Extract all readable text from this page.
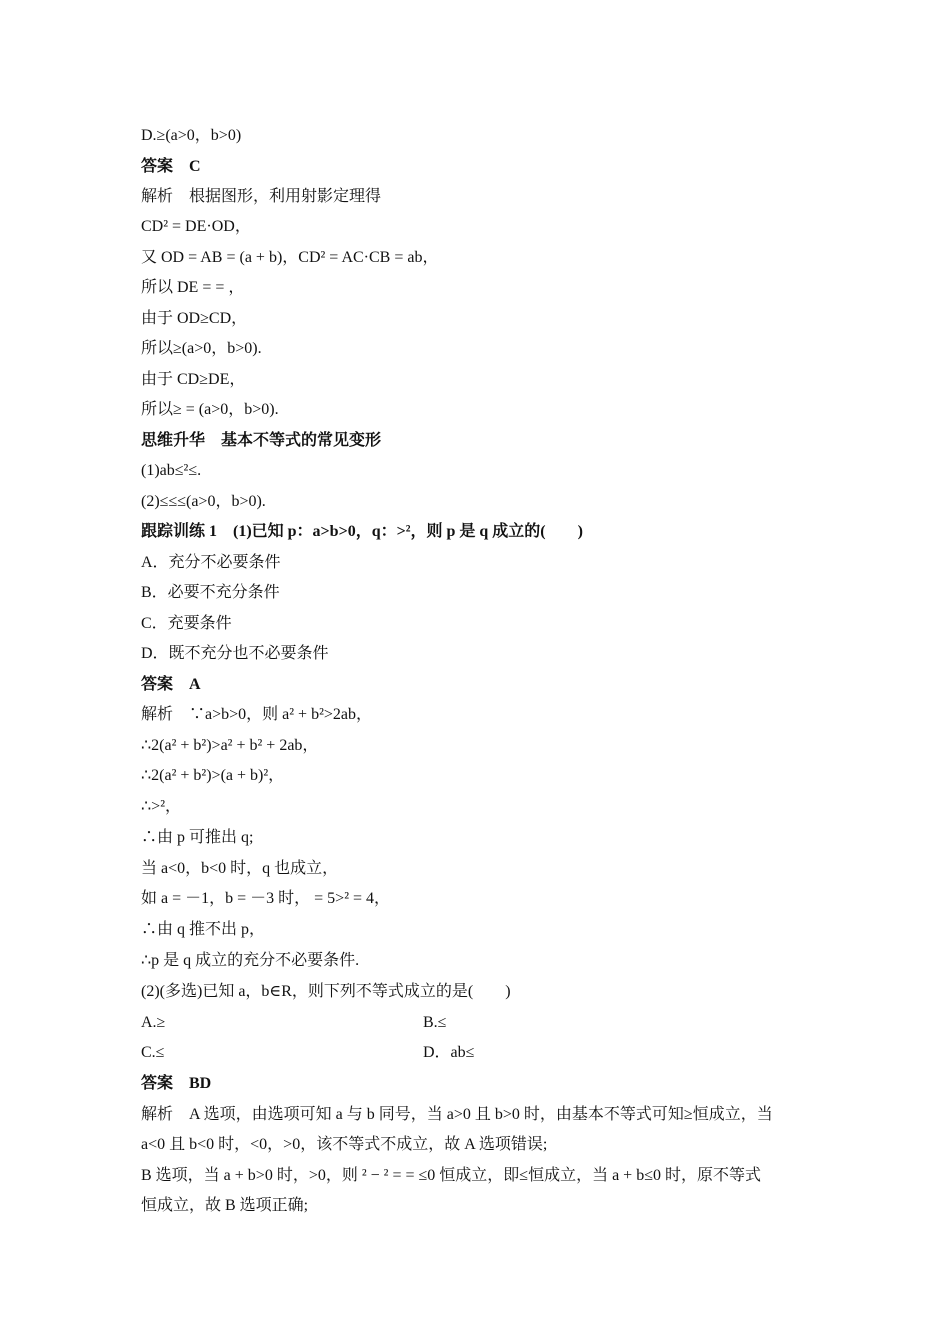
D.≥(a>0，b>0)
答案　C
解析　根据图形，利用射影定理得
CD² = DE·OD，
又 OD = AB = (a + b)，CD² = AC·CB = ab，
所以 DE = = ，
由于 OD≥CD，
所以≥(a>0，b>0).
由于 CD≥DE，
所以≥ = (a>0，b>0).
思维升华　基本不等式的常见变形
(1)ab≤²≤.
(2)≤≤≤(a>0，b>0).
跟踪训练 1　(1)已知 p：a>b>0，q：>²，则 p 是 q 成立的(　　)
A．充分不必要条件
B．必要不充分条件
C．充要条件
D．既不充分也不必要条件
答案　A
解析　∵a>b>0，则 a² + b²>2ab，
∴2(a² + b²)>a² + b² + 2ab，
∴2(a² + b²)>(a + b)²，
∴>²，
∴由 p 可推出 q;
当 a<0，b<0 时，q 也成立，
如 a = －1，b = －3 时， = 5>² = 4，
∴由 q 推不出 p，
∴p 是 q 成立的充分不必要条件.
(2)(多选)已知 a，b∈R，则下列不等式成立的是(　　)
A.≥	B.≤
C.≤	D．ab≤
答案　BD
解析　A 选项，由选项可知 a 与 b 同号，当 a>0 且 b>0 时，由基本不等式可知≥恒成立，当
a<0 且 b<0 时，<0，>0，该不等式不成立，故 A 选项错误;
B 选项，当 a + b>0 时，>0，则 ² − ² = = ≤0 恒成立，即≤恒成立，当 a + b≤0 时，原不等式
恒成立，故 B 选项正确;
